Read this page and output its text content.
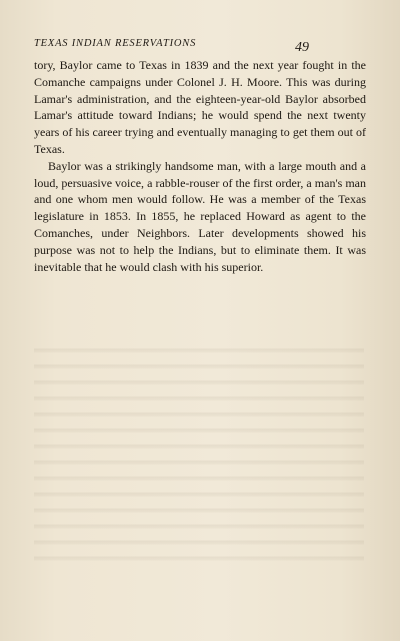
TEXAS INDIAN RESERVATIONS	49

tory, Baylor came to Texas in 1839 and the next year fought in the Comanche campaigns under Colonel J. H. Moore. This was during Lamar's administration, and the eighteen-year-old Baylor absorbed Lamar's attitude toward Indians; he would spend the next twenty years of his career trying and eventually managing to get them out of Texas.

Baylor was a strikingly handsome man, with a large mouth and a loud, persuasive voice, a rabble-rouser of the first order, a man's man and one whom men would follow. He was a member of the Texas legislature in 1853. In 1855, he replaced Howard as agent to the Comanches, under Neighbors. Later developments showed his purpose was not to help the Indians, but to eliminate them. It was inevitable that he would clash with his superior.
